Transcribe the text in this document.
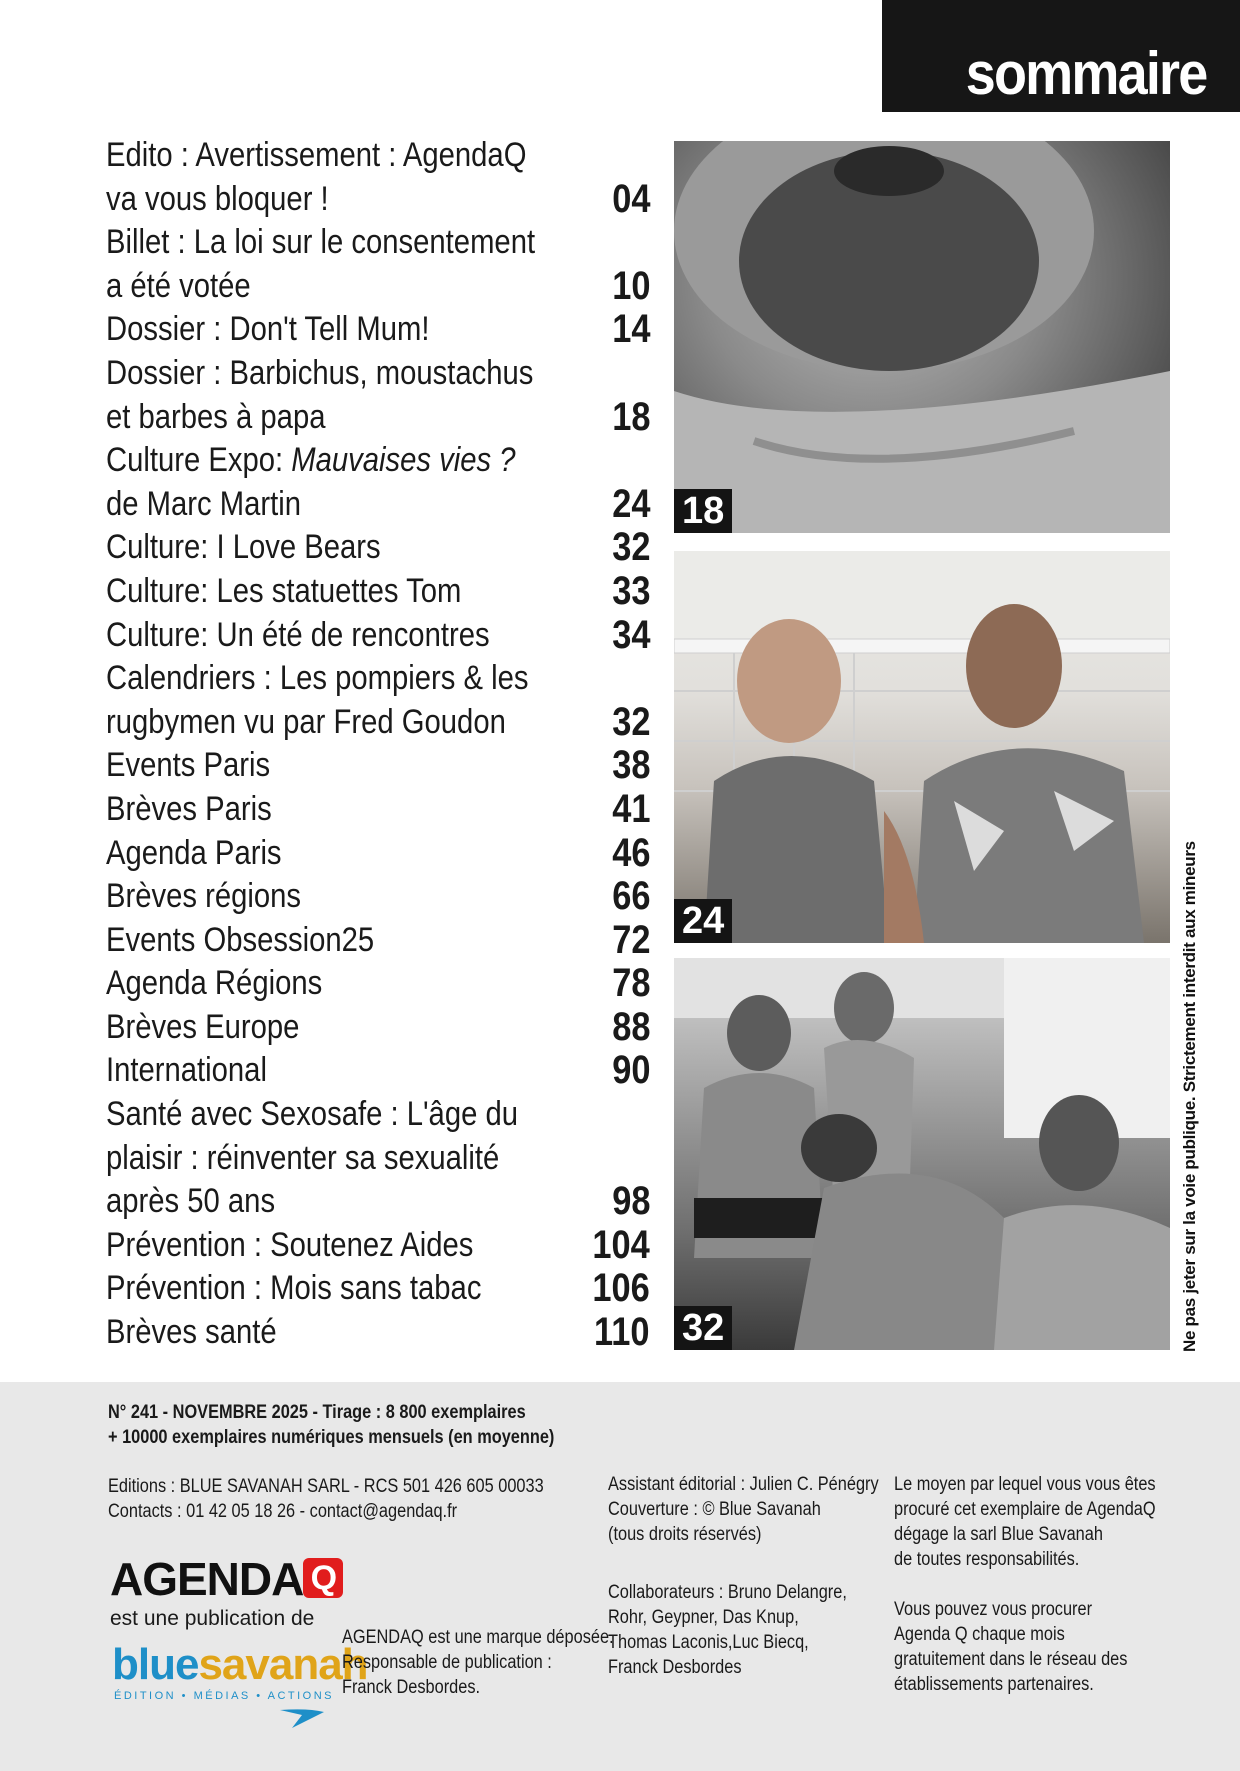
sommaire
Edito : Avertissement : AgendaQ
va vous bloquer !	04
Billet : La loi sur le consentement
a été votée	10
Dossier : Don't Tell Mum!	14
Dossier : Barbichus, moustachus
et barbes à papa	18
Culture Expo: Mauvaises vies ?
de Marc Martin	24
Culture: I Love Bears	32
Culture: Les statuettes Tom	33
Culture: Un été de rencontres	34
Calendriers : Les pompiers & les
rugbymen vu par Fred Goudon	32
Events Paris	38
Brèves Paris	41
Agenda Paris	46
Brèves régions	66
Events Obsession25	72
Agenda Régions	78
Brèves Europe	88
International	90
Santé avec Sexosafe : L'âge du
plaisir : réinventer sa sexualité
après 50 ans	98
Prévention : Soutenez Aides	104
Prévention : Mois sans tabac	106
Brèves santé	110
18
24
32	Ne pas jeter sur la voie publique. Strictement interdit aux mineurs
N° 241 - NOVEMBRE 2025 - Tirage : 8 800 exemplaires
+ 10000 exemplaires numériques mensuels (en moyenne)
Editions : BLUE SAVANAH SARL - RCS 501 426 605 00033
Contacts : 01 42 05 18 26 - contact@agendaq.fr
AGENDA Q
est une publication de
bluesavanah
ÉDITION • MÉDIAS • ACTIONS
AGENDAQ est une marque déposée.
Responsable de publication :
Franck Desbordes.
Assistant éditorial : Julien C. Pénégry
Couverture : © Blue Savanah
(tous droits réservés)
Collaborateurs : Bruno Delangre,
Rohr, Geypner, Das Knup,
Thomas Laconis,Luc Biecq,
Franck Desbordes
Le moyen par lequel vous vous êtes
procuré cet exemplaire de AgendaQ
dégage la sarl Blue Savanah
de toutes responsabilités.
Vous pouvez vous procurer
Agenda Q chaque mois
gratuitement dans le réseau des
établissements partenaires.
